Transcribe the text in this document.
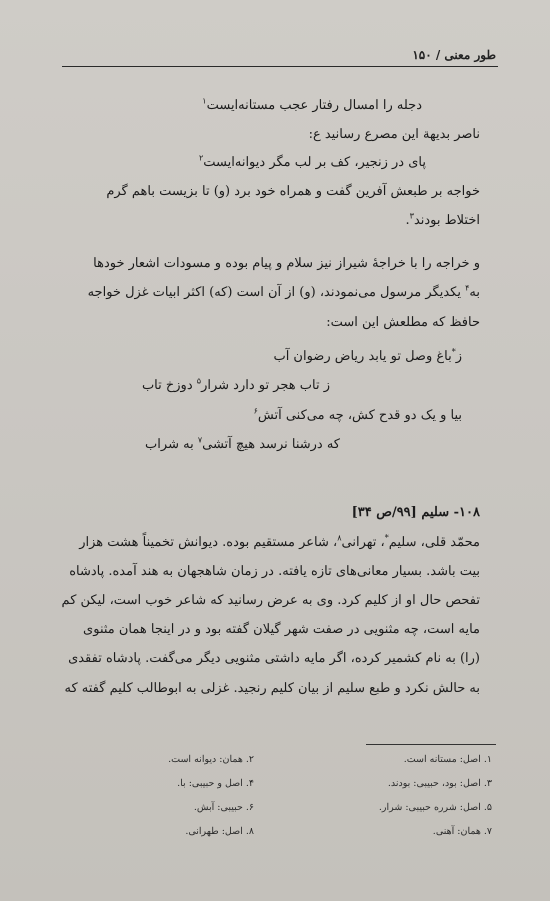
طور معنی / ۱۵۰
دجله را امسال رفتار عجب مستانه‌ایست$^۱$
ناصر بدیهة این مصرع رسانید ع:
پای در زنجیر، کف بر لب مگر دیوانه‌ایست$^۲$
خواجه بر طبعش آفرین گفت و همراه خود برد (و) تا بزیست باهم گرم
اختلاط بودند$^۳$.
و خراجه را با خراجهٔ شیراز نیز سلام و پیام بوده و مسودات اشعار خودها
به$^۴$ یکدیگر مرسول می‌نمودند، (و) از آن است (که) اکثر ابیات غزل خواجه
حافظ که مطلعش این است:
ز*باغ وصل تو یابد ریاض رضوان آب
ز تاب هجر تو دارد شرار$^۵$ دوزخ تاب
بیا و یک دو قدح کش، چه می‌کنی آتش$^۶$
که درشنا نرسد هیچ آتشی$^۷$ به شراب
۱۰۸- سلیم [۹۹/ص ۳۴]
محمّد قلی، سلیم*، تهرانی$^۸$، شاعر مستقیم بوده. دیوانش تخمیناً هشت هزار
بیت باشد. بسیار معانی‌های تازه یافته. در زمان شاهجهان به هند آمده. پادشاه
تفحص حال او از کلیم کرد. وی به عرض رسانید که شاعر خوب است، لیکن کم
مایه است، چه مثنویی در صفت شهر گیلان گفته بود و در اینجا همان مثنوی
(را) به نام کشمیر کرده، اگر مایه داشتی مثنویی دیگر می‌گفت. پادشاه تفقدی
به حالش نکرد و طبع سلیم از بیان کلیم رنجید. غزلی به ابوطالب کلیم گفته که
۱. اصل: مستانه است.
۲. همان: دیوانه است.
۳. اصل: بود، حبیبی: بودند.
۴. اصل و حبیبی: با.
۵. اصل: شرره حبیبی: شرار.
۶. حبیبی: آبش.
۷. همان: آهنی.
۸. اصل: طهرانی.
